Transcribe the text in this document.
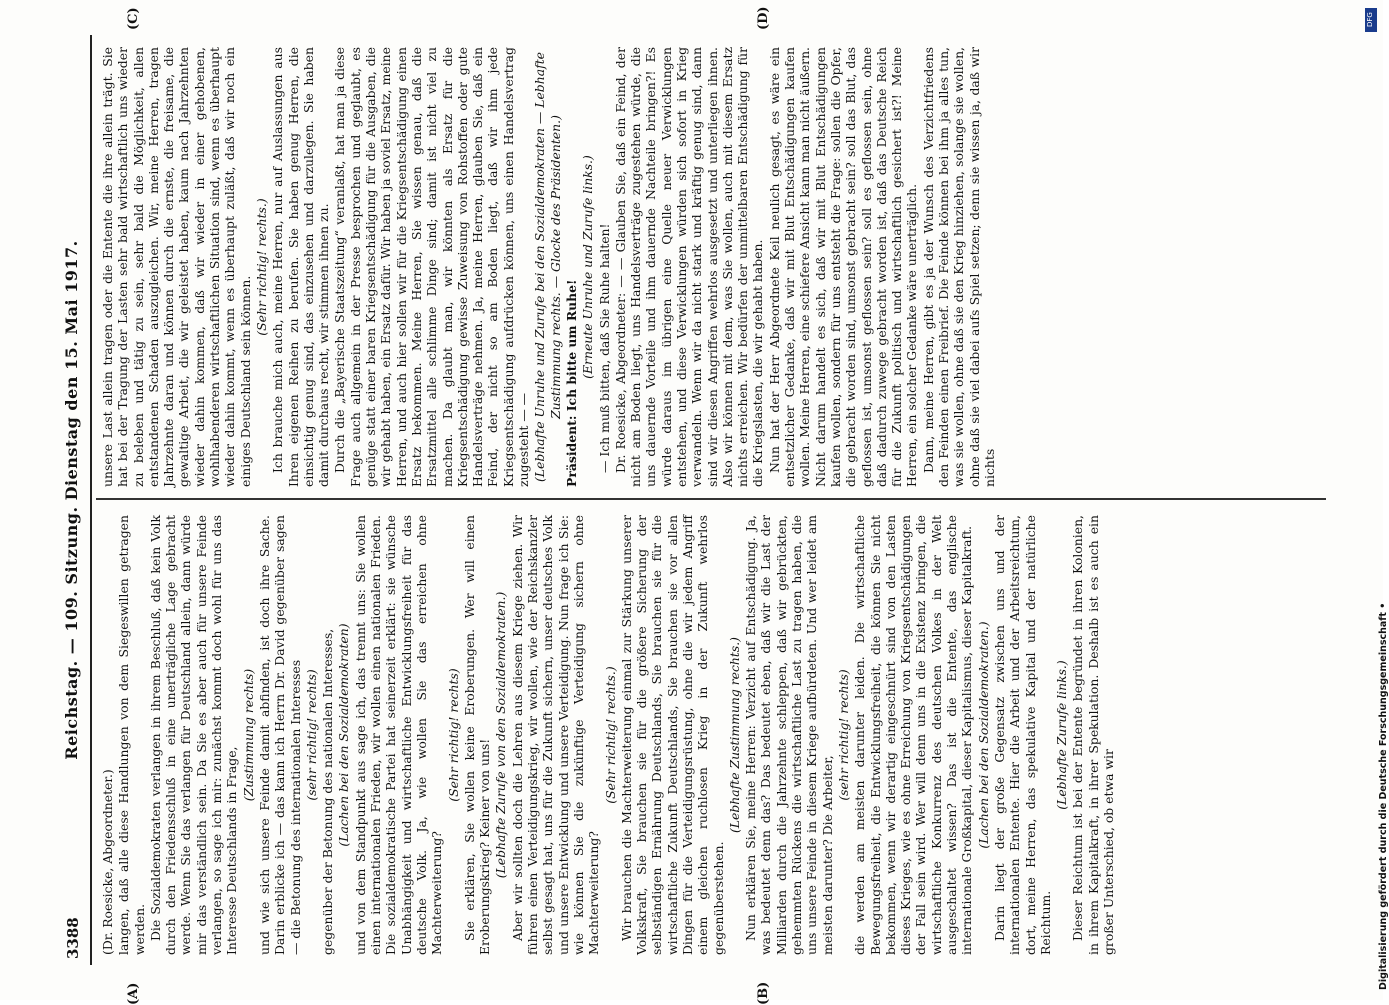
3388
Reichstag. — 109. Sitzung. Dienstag den 15. Mai 1917.

(Dr. Roesicke, Abgeordneter.) langen, daß alle diese Handlungen von dem Siegeswillen getragen werden. Die Sozialdemokraten verlangen in ihrem Beschluß, daß kein Volk durch den Friedensschluß in eine unerträgliche Lage gebracht werde. Wenn Sie das verlangen für Deutschland allein, dann würde mir das verständlich sein. Da Sie es aber auch für unsere Feinde verlangen, so sage ich mir: zunächst kommt doch wohl für uns das Interesse Deutschlands in Frage,

(Zustimmung rechts) und wie sich unsere Feinde damit abfinden, ist doch ihre Sache. Darin erblicke ich — das kann ich Herrn Dr. David gegenüber sagen — die Betonung des internationalen Interesses (sehr richtig! rechts) gegenüber der Betonung des nationalen Interesses, (Lachen bei den Sozialdemokraten) und von dem Standpunkt aus sage ich, das trennt uns: Sie wollen einen internationalen Frieden, wir wollen einen nationalen Frieden. Die sozialdemokratische Partei hat seinerzeit erklärt: sie wünsche Unabhängigkeit und wirtschaftliche Entwicklungsfreiheit für das deutsche Volk. Ja, wie wollen Sie das erreichen ohne Machterweiterung?

(Sehr richtig! rechts) Sie erklären, Sie wollen keine Eroberungen. Wer will einen Eroberungskrieg? Keiner von uns! (Lebhafte Zurufe von den Sozialdemokraten.) Aber wir sollten doch die Lehren aus diesem Kriege ziehen. Wir führen einen Verteidigungskrieg, wir wollen, wie der Reichskanzler selbst gesagt hat, uns für die Zukunft sichern, unser deutsches Volk und unsere Entwicklung und unsere Verteidigung. Nun frage ich Sie: wie können Sie die zukünftige Verteidigung sichern ohne Machterweiterung?

(Sehr richtig! rechts.) Wir brauchen die Machterweiterung einmal zur Stärkung unserer Volkskraft, Sie brauchen sie für die größere Sicherung der selbständigen Ernährung Deutschlands, Sie brauchen sie für die wirtschaftliche Zukunft Deutschlands, Sie brauchen sie vor allen Dingen für die Verteidigungsrüstung, ohne die wir jedem Angriff einem gleichen ruchlosen Krieg in der Zukunft wehrlos gegenüberstehen.

(Lebhafte Zustimmung rechts.) Nun erklären Sie, meine Herren: Verzicht auf Entschädigung. Ja, was bedeutet denn das? Das bedeutet eben, daß wir die Last der Milliarden durch die Jahrzehnte schleppen, daß wir gebrückten, gehemmten Rückens die wirtschaftliche Last zu tragen haben, die uns unsere Feinde in diesem Kriege aufbürdeten. Und wer leidet am meisten darunter? Die Arbeiter,

(sehr richtig! rechts) die werden am meisten darunter leiden. Die wirtschaftliche Bewegungsfreiheit, die Entwicklungsfreiheit, die können Sie nicht bekommen, wenn wir derartig eingeschnürt sind von den Lasten dieses Krieges, wie es ohne Erreichung von Kriegsentschädigungen der Fall sein wird. Wer will denn uns in die Existenz bringen, die wirtschaftliche Konkurrenz des deutschen Volkes in der Welt ausgeschaltet wissen? Das ist die Entente, das englische internationale Großkapital, dieser Kapitalismus, dieser Kapitalkraft. (Lachen bei den Sozialdemokraten.) Darin liegt der große Gegensatz zwischen uns und der internationalen Entente. Hier die Arbeit und der Arbeitsreichtum, dort, meine Herren, das spekulative Kapital und der natürliche Reichtum.

(Lebhafte Zurufe links.) Dieser Reichtum ist bei der Entente begründet in ihren Kolonien, in ihrem Kapitalkraft, in ihrer Spekulation. Deshalb ist es auch ein großer Unterschied, ob etwa wir

unsere Last allein tragen oder die Entente die ihre allein trägt. Sie hat bei der Tragung der Lasten sehr bald wirtschaftlich uns wieder zu beleben und tätig zu sein, sehr bald die Möglichkeit, allen entstandenen Schaden auszugleichen. Wir, meine Herren, tragen Jahrzehnte daran und können durch die ernste, die freisame, die gewaltige Arbeit, die wir geleistet haben, kaum nach Jahrzehnten wieder dahin kommen, daß wir wieder in einer gehobenen, wohlhabenderen wirtschaftlichen Situation sind, wenn es überhaupt wieder dahin kommt, wenn es überhaupt zuläßt, daß wir noch ein einiges Deutschland sein können.

(Sehr richtig! rechts.) Ich brauche mich auch, meine Herren, nur auf Auslassungen aus Ihren eigenen Reihen zu berufen. Sie haben genug Herren, die einsichtig genug sind, das einzusehen und darzulegen. Sie haben damit durchaus recht, wir stimmen ihnen zu. Durch die „Bayerische Staatszeitung“ veranlaßt, hat man ja diese Frage auch allgemein in der Presse besprochen und geglaubt, es genüge statt einer baren Kriegsentschädigung für die Ausgaben, die wir gehabt haben, ein Ersatz dafür. Wir haben ja soviel Ersatz, meine Herren, und auch hier sollen wir für die Kriegsentschädigung einen Ersatz bekommen. Meine Herren, Sie wissen genau, daß die Ersatzmittel alle schlimme Dinge sind; damit ist nicht viel zu machen. Da glaubt man, wir könnten als Ersatz für die Kriegsentschädigung gewisse Zuweisung von Rohstoffen oder gute Handelsverträge nehmen. Ja, meine Herren, glauben Sie, daß ein Feind, der nicht so am Boden liegt, daß wir ihm jede Kriegsentschädigung aufdrücken können, uns einen Handelsvertrag zugesteht — — (Lebhafte Unruhe und Zurufe bei den Sozialdemokraten — Lebhafte Zustimmung rechts. — Glocke des Präsidenten.) Präsident: Ich bitte um Ruhe!

(Erneute Unruhe und Zurufe links.) — Ich muß bitten, daß Sie Ruhe halten! Dr. Roesicke, Abgeordneter: — — Glauben Sie, daß ein Feind, der nicht am Boden liegt, uns Handelsverträge zugestehen würde, die uns dauernde Vorteile und ihm dauernde Nachteile bringen?! Es würde daraus im übrigen eine Quelle neuer Verwicklungen entstehen, und diese Verwicklungen würden sich sofort in Krieg verwandeln. Wenn wir da nicht stark und kräftig genug sind, dann sind wir diesen Angriffen wehrlos ausgesetzt und unterliegen ihnen. Also wir können mit dem, was Sie wollen, auch mit diesem Ersatz nichts erreichen. Wir bedürfen der unmittelbaren Entschädigung für die Kriegslasten, die wir gehabt haben. Nun hat der Herr Abgeordnete Keil neulich gesagt, es wäre ein entsetzlicher Gedanke, daß wir mit Blut Entschädigungen kaufen wollen. Meine Herren, eine schiefere Ansicht kann man nicht äußern. Nicht darum handelt es sich, daß wir mit Blut Entschädigungen kaufen wollen, sondern für uns entsteht die Frage: sollen die Opfer, die gebracht worden sind, umsonst gebracht sein? soll das Blut, das geflossen ist, umsonst geflossen sein? soll es geflossen sein, ohne daß dadurch zuwege gebracht worden ist, daß das Deutsche Reich für die Zukunft politisch und wirtschaftlich gesichert ist?! Meine Herren, ein solcher Gedanke wäre unerträglich. Dann, meine Herren, gibt es ja der Wunsch des Verzichtfriedens den Feinden einen Freibrief. Die Feinde können bei ihm ja alles tun, was sie wollen, ohne daß sie den Krieg hinziehen, solange sie wollen, ohne daß sie viel dabei aufs Spiel setzen; denn sie wissen ja, daß wir nichts

(A)	(B)
(C)	(D)	DFG
Digitalisierung gefördert durch die Deutsche Forschungsgemeinschaft •
